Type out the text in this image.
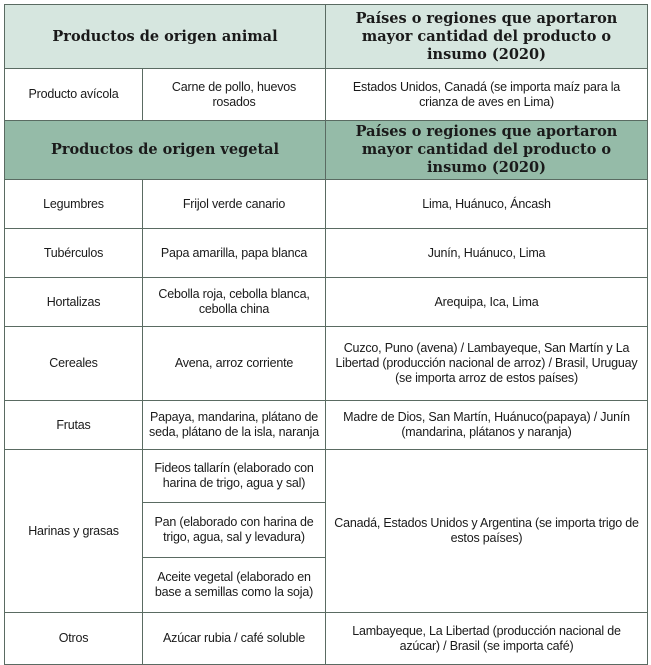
Productos de origen animal		Países o regiones que aportaron mayor cantidad del producto o insumo (2020)
Producto avícola	Carne de pollo, huevos rosados	Estados Unidos, Canadá (se importa maíz para la crianza de aves en Lima)
Productos de origen vegetal		Países o regiones que aportaron mayor cantidad del producto o insumo (2020)
Legumbres	Frijol verde canario	Lima, Huánuco, Áncash
Tubérculos	Papa amarilla, papa blanca	Junín, Huánuco, Lima
Hortalizas	Cebolla roja, cebolla blanca, cebolla china	Arequipa, Ica, Lima
Cereales	Avena, arroz corriente	Cuzco, Puno (avena) / Lambayeque, San Martín y La Libertad (producción nacional de arroz) / Brasil, Uruguay (se importa arroz de estos países)
Frutas	Papaya, mandarina, plátano de seda, plátano de la isla, naranja	Madre de Dios, San Martín, Huánuco(papaya) / Junín (mandarina, plátanos y naranja)
Harinas y grasas	Fideos tallarín (elaborado con harina de trigo, agua y sal)	Canadá, Estados Unidos y Argentina (se importa trigo de estos países)
	Pan (elaborado con harina de trigo, agua, sal y levadura)	
	Aceite vegetal (elaborado en base a semillas como la soja)	
Otros	Azúcar rubia / café soluble	Lambayeque, La Libertad (producción nacional de azúcar) / Brasil (se importa café)
